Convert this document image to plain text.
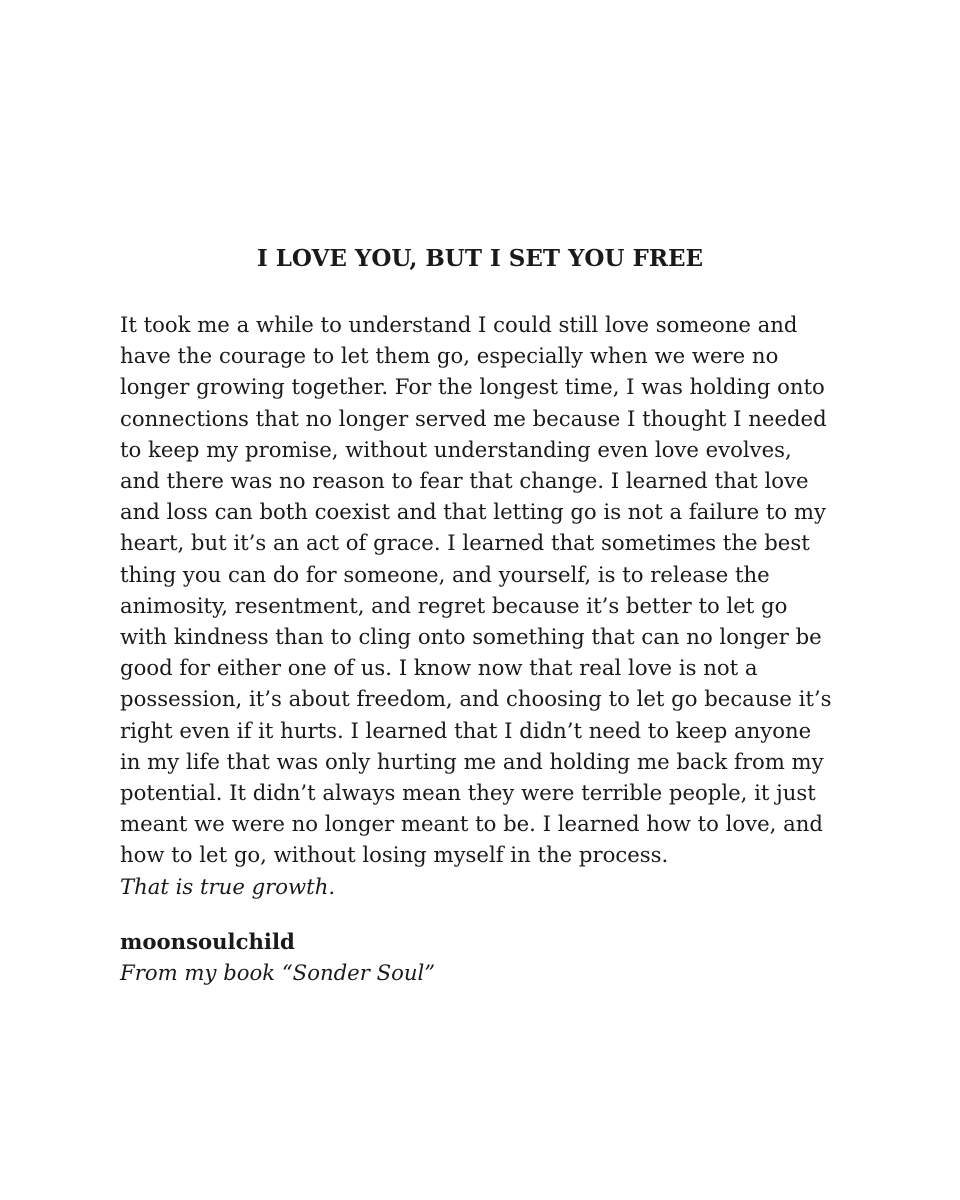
I LOVE YOU, BUT I SET YOU FREE

It took me a while to understand I could still love someone and
have the courage to let them go, especially when we were no
longer growing together. For the longest time, I was holding onto
connections that no longer served me because I thought I needed
to keep my promise, without understanding even love evolves,
and there was no reason to fear that change. I learned that love
and loss can both coexist and that letting go is not a failure to my
heart, but it’s an act of grace. I learned that sometimes the best
thing you can do for someone, and yourself, is to release the
animosity, resentment, and regret because it’s better to let go
with kindness than to cling onto something that can no longer be
good for either one of us. I know now that real love is not a
possession, it’s about freedom, and choosing to let go because it’s
right even if it hurts. I learned that I didn’t need to keep anyone
in my life that was only hurting me and holding me back from my
potential. It didn’t always mean they were terrible people, it just
meant we were no longer meant to be. I learned how to love, and
how to let go, without losing myself in the process.
That is true growth.

moonsoulchild
From my book “Sonder Soul”
